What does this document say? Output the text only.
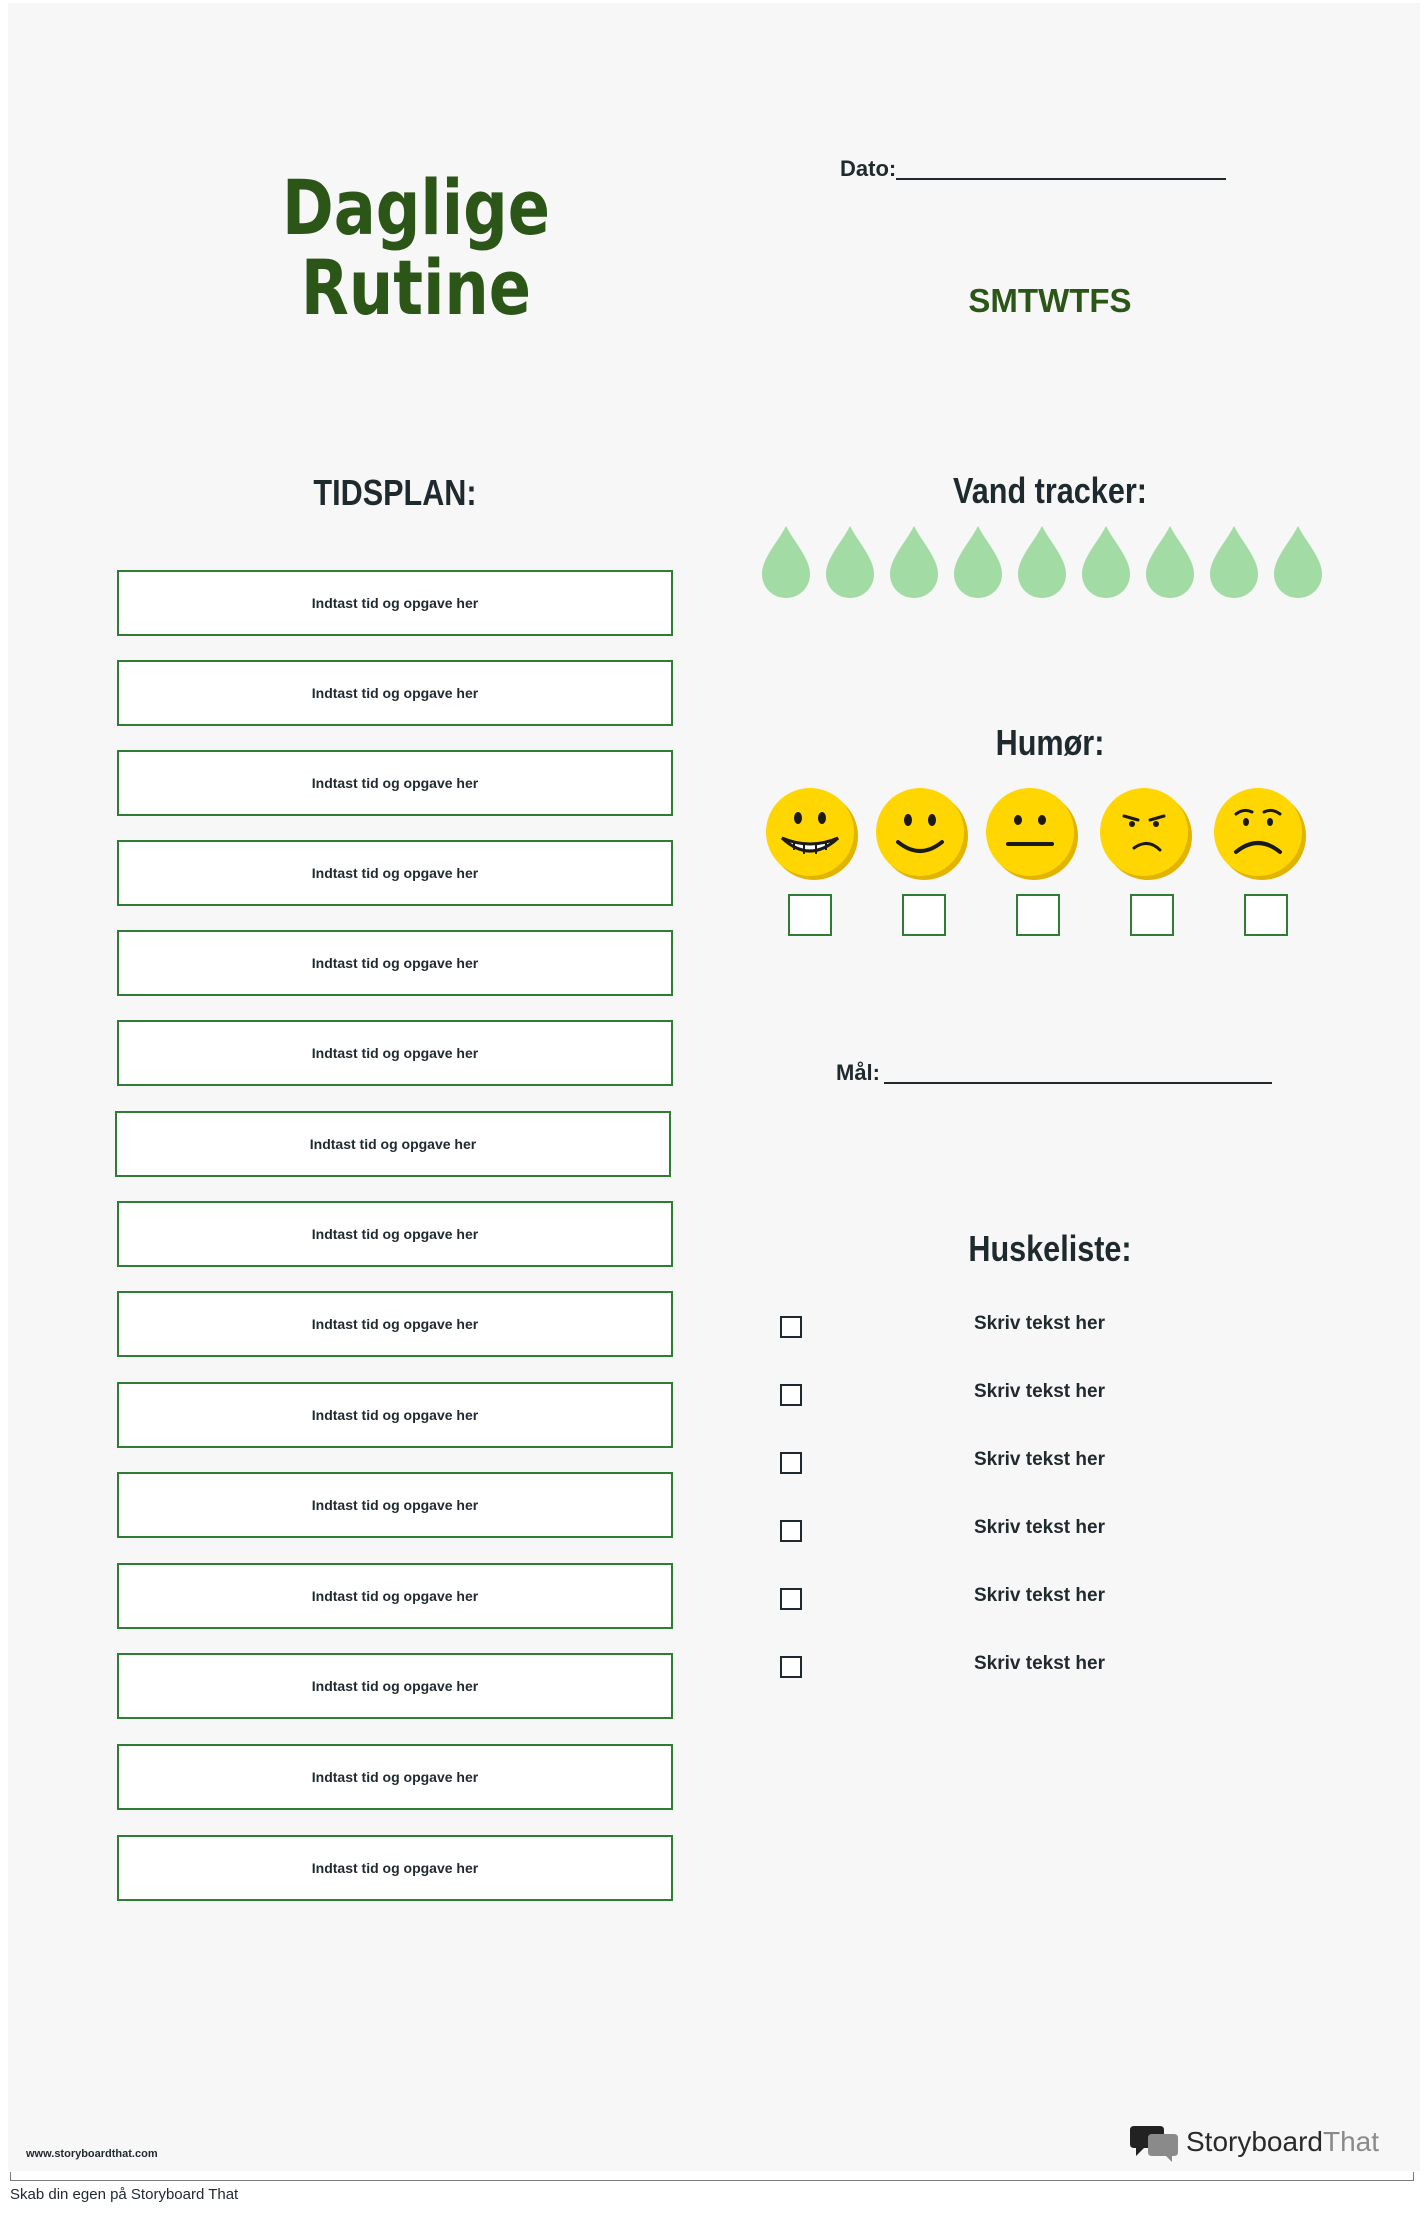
Daglige
Rutine
Dato:
SMTWTFS
TIDSPLAN:
Indtast tid og opgave her
Indtast tid og opgave her
Indtast tid og opgave her
Indtast tid og opgave her
Indtast tid og opgave her
Indtast tid og opgave her
Indtast tid og opgave her
Indtast tid og opgave her
Indtast tid og opgave her
Indtast tid og opgave her
Indtast tid og opgave her
Indtast tid og opgave her
Indtast tid og opgave her
Indtast tid og opgave her
Indtast tid og opgave her
Vand tracker:
Humør:
Mål:
Huskeliste:
Skriv tekst her
Skriv tekst her
Skriv tekst her
Skriv tekst her
Skriv tekst her
Skriv tekst her
www.storyboardthat.com	StoryboardThat
Skab din egen på Storyboard That
